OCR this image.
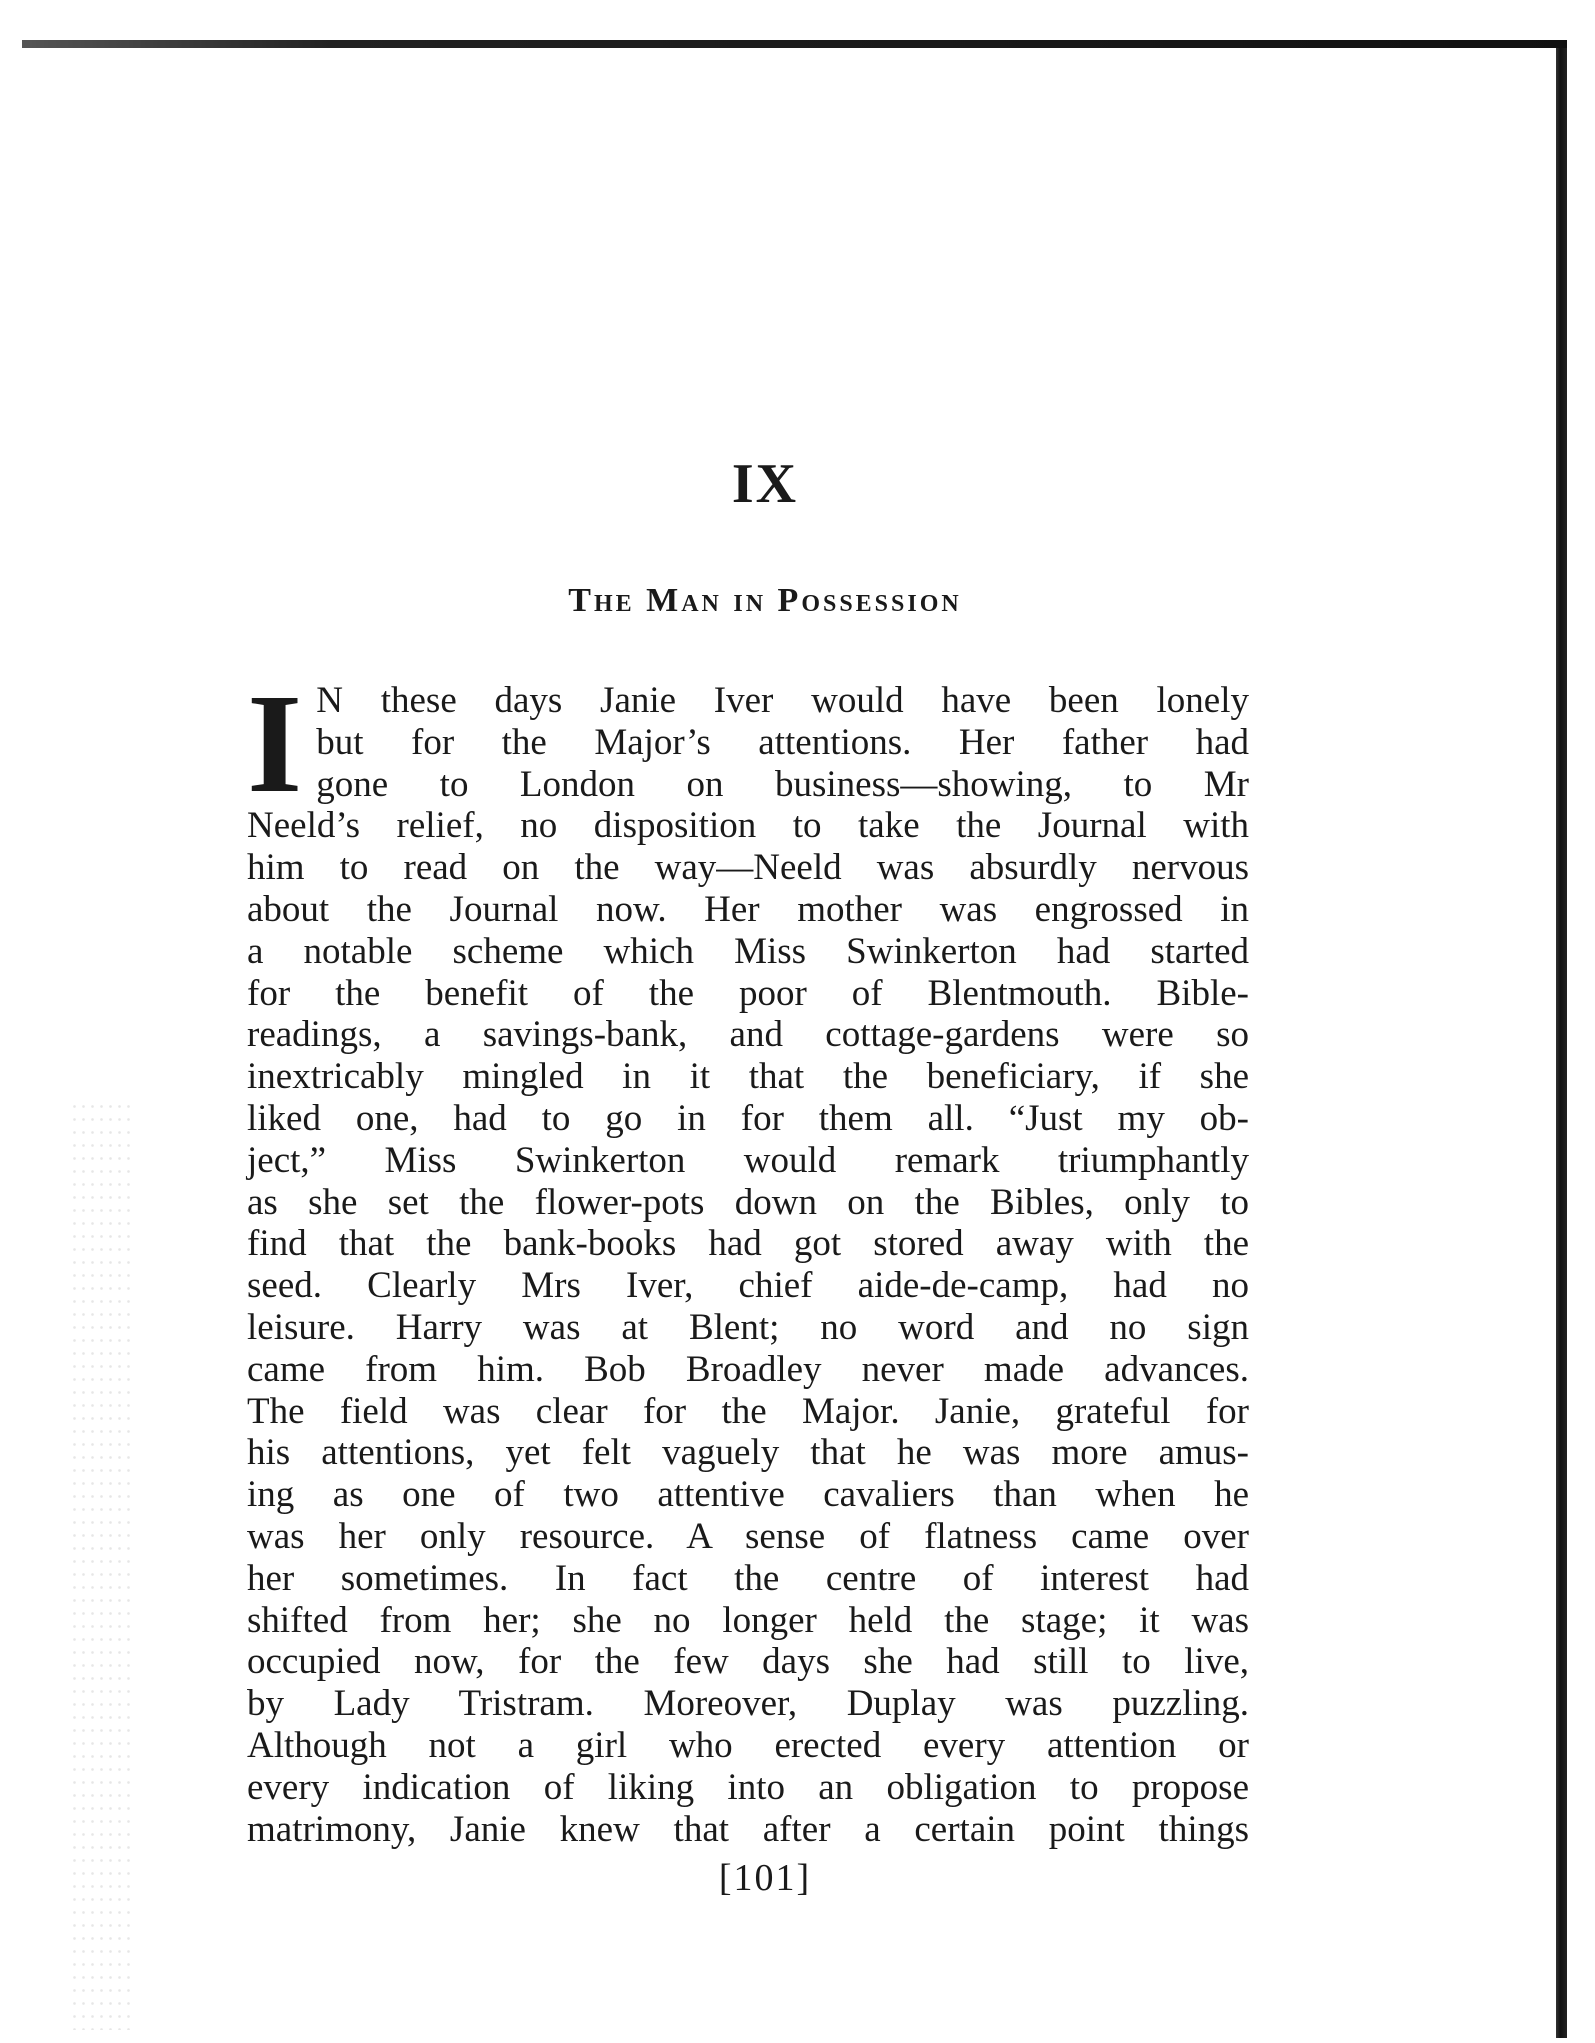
IX
The Man in Possession
I N these days Janie Iver would have been lonely
but for the Major’s attentions. Her father had
gone to London on business—showing, to Mr
Neeld’s relief, no disposition to take the Journal with
him to read on the way—Neeld was absurdly nervous
about the Journal now. Her mother was engrossed in
a notable scheme which Miss Swinkerton had started
for the benefit of the poor of Blentmouth. Bible-
readings, a savings-bank, and cottage-gardens were so
inextricably mingled in it that the beneficiary, if she
liked one, had to go in for them all. “Just my ob-
ject,” Miss Swinkerton would remark triumphantly
as she set the flower-pots down on the Bibles, only to
find that the bank-books had got stored away with the
seed. Clearly Mrs Iver, chief aide-de-camp, had no
leisure. Harry was at Blent; no word and no sign
came from him. Bob Broadley never made advances.
The field was clear for the Major. Janie, grateful for
his attentions, yet felt vaguely that he was more amus-
ing as one of two attentive cavaliers than when he
was her only resource. A sense of flatness came over
her sometimes. In fact the centre of interest had
shifted from her; she no longer held the stage; it was
occupied now, for the few days she had still to live,
by Lady Tristram. Moreover, Duplay was puzzling.
Although not a girl who erected every attention or
every indication of liking into an obligation to propose
matrimony, Janie knew that after a certain point things
[101]
